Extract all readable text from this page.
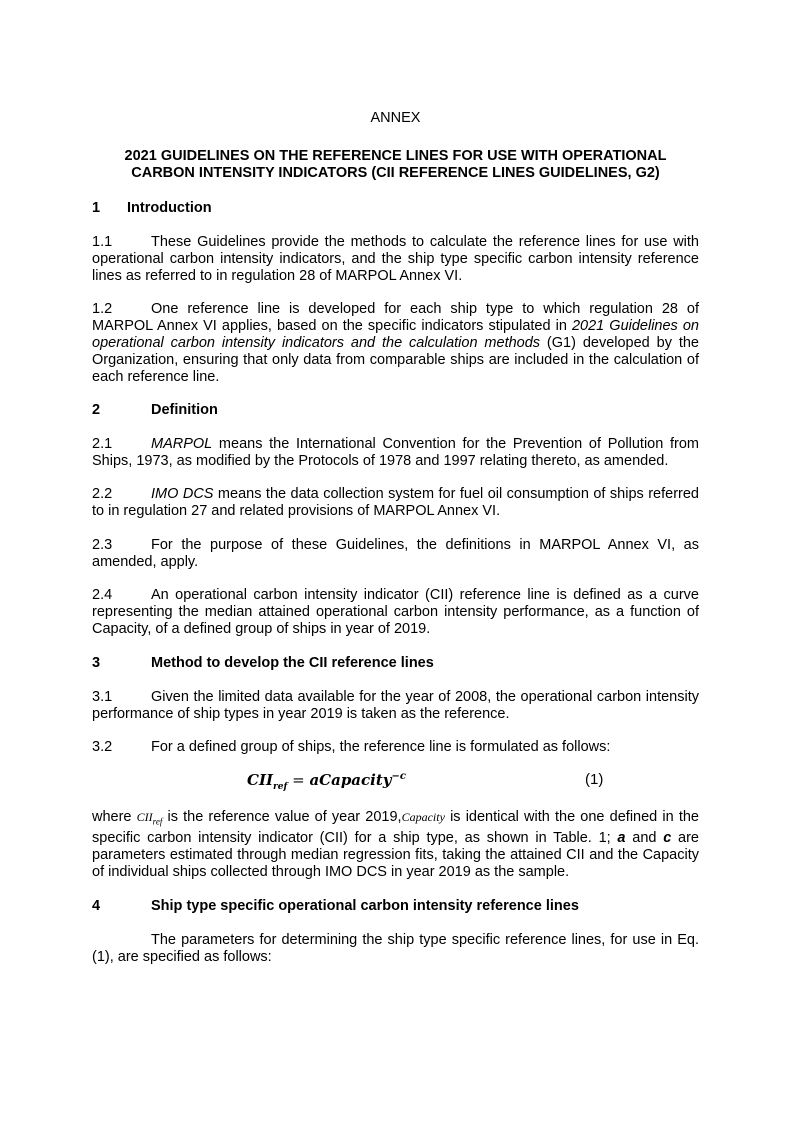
ANNEX
2021 GUIDELINES ON THE REFERENCE LINES FOR USE WITH OPERATIONAL
CARBON INTENSITY INDICATORS (CII REFERENCE LINES GUIDELINES, G2)
1 Introduction
1.1	These Guidelines provide the methods to calculate the reference lines for use with operational carbon intensity indicators, and the ship type specific carbon intensity reference lines as referred to in regulation 28 of MARPOL Annex VI.
1.2	One reference line is developed for each ship type to which regulation 28 of MARPOL Annex VI applies, based on the specific indicators stipulated in 2021 Guidelines on operational carbon intensity indicators and the calculation methods (G1) developed by the Organization, ensuring that only data from comparable ships are included in the calculation of each reference line.
2	Definition
2.1	MARPOL means the International Convention for the Prevention of Pollution from Ships, 1973, as modified by the Protocols of 1978 and 1997 relating thereto, as amended.
2.2	IMO DCS means the data collection system for fuel oil consumption of ships referred to in regulation 27 and related provisions of MARPOL Annex VI.
2.3	For the purpose of these Guidelines, the definitions in MARPOL Annex VI, as amended, apply.
2.4	An operational carbon intensity indicator (CII) reference line is defined as a curve representing the median attained operational carbon intensity performance, as a function of Capacity, of a defined group of ships in year of 2019.
3	Method to develop the CII reference lines
3.1	Given the limited data available for the year of 2008, the operational carbon intensity performance of ship types in year 2019 is taken as the reference.
3.2	For a defined group of ships, the reference line is formulated as follows:
$CII_{ref}$ = aCapacity$^{-c}$	(1)
where $CII_{ref}$ is the reference value of year 2019,Capacity is identical with the one defined in the specific carbon intensity indicator (CII) for a ship type, as shown in Table. 1; a and c are parameters estimated through median regression fits, taking the attained CII and the Capacity of individual ships collected through IMO DCS in year 2019 as the sample.
4	Ship type specific operational carbon intensity reference lines
The parameters for determining the ship type specific reference lines, for use in Eq.(1), are specified as follows:
